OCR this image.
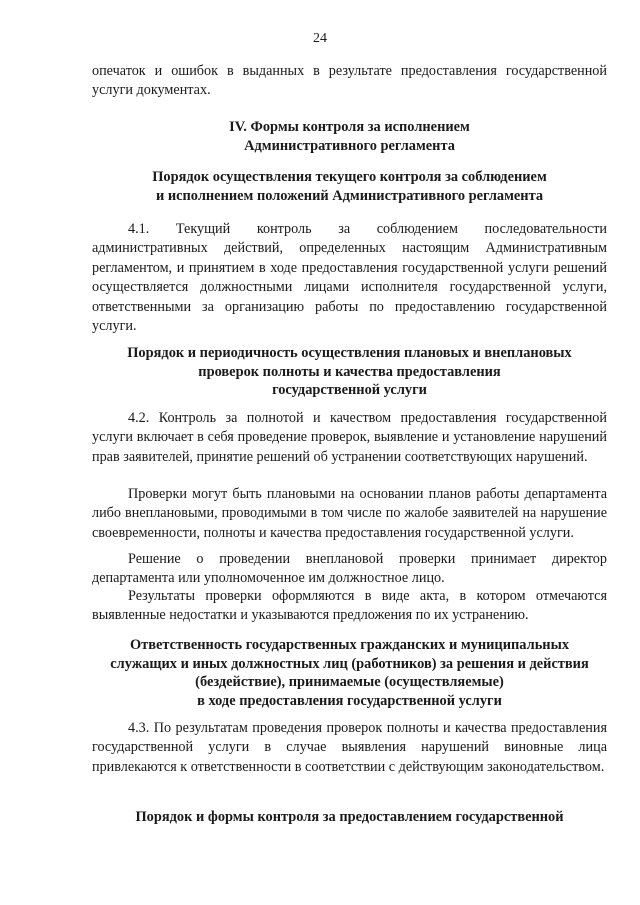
24
опечаток и ошибок в выданных в результате предоставления государственной услуги документах.
IV. Формы контроля за исполнением
Административного регламента
Порядок осуществления текущего контроля за соблюдением
и исполнением положений Административного регламента
4.1. Текущий контроль за соблюдением последовательности административных действий, определенных настоящим Административным регламентом, и принятием в ходе предоставления государственной услуги решений осуществляется должностными лицами исполнителя государственной услуги, ответственными за организацию работы по предоставлению государственной услуги.
Порядок и периодичность осуществления плановых и внеплановых
проверок полноты и качества предоставления
государственной услуги
4.2. Контроль за полнотой и качеством предоставления государственной услуги включает в себя проведение проверок, выявление и установление нарушений прав заявителей, принятие решений об устранении соответствующих нарушений.
Проверки могут быть плановыми на основании планов работы департамента либо внеплановыми, проводимыми в том числе по жалобе заявителей на нарушение своевременности, полноты и качества предоставления государственной услуги.
Решение о проведении внеплановой проверки принимает директор департамента или уполномоченное им должностное лицо.
Результаты проверки оформляются в виде акта, в котором отмечаются выявленные недостатки и указываются предложения по их устранению.
Ответственность государственных гражданских и муниципальных
служащих и иных должностных лиц (работников) за решения и действия
(бездействие), принимаемые (осуществляемые)
в ходе предоставления государственной услуги
4.3. По результатам проведения проверок полноты и качества предоставления государственной услуги в случае выявления нарушений виновные лица привлекаются к ответственности в соответствии с действующим законодательством.
Порядок и формы контроля за предоставлением государственной
